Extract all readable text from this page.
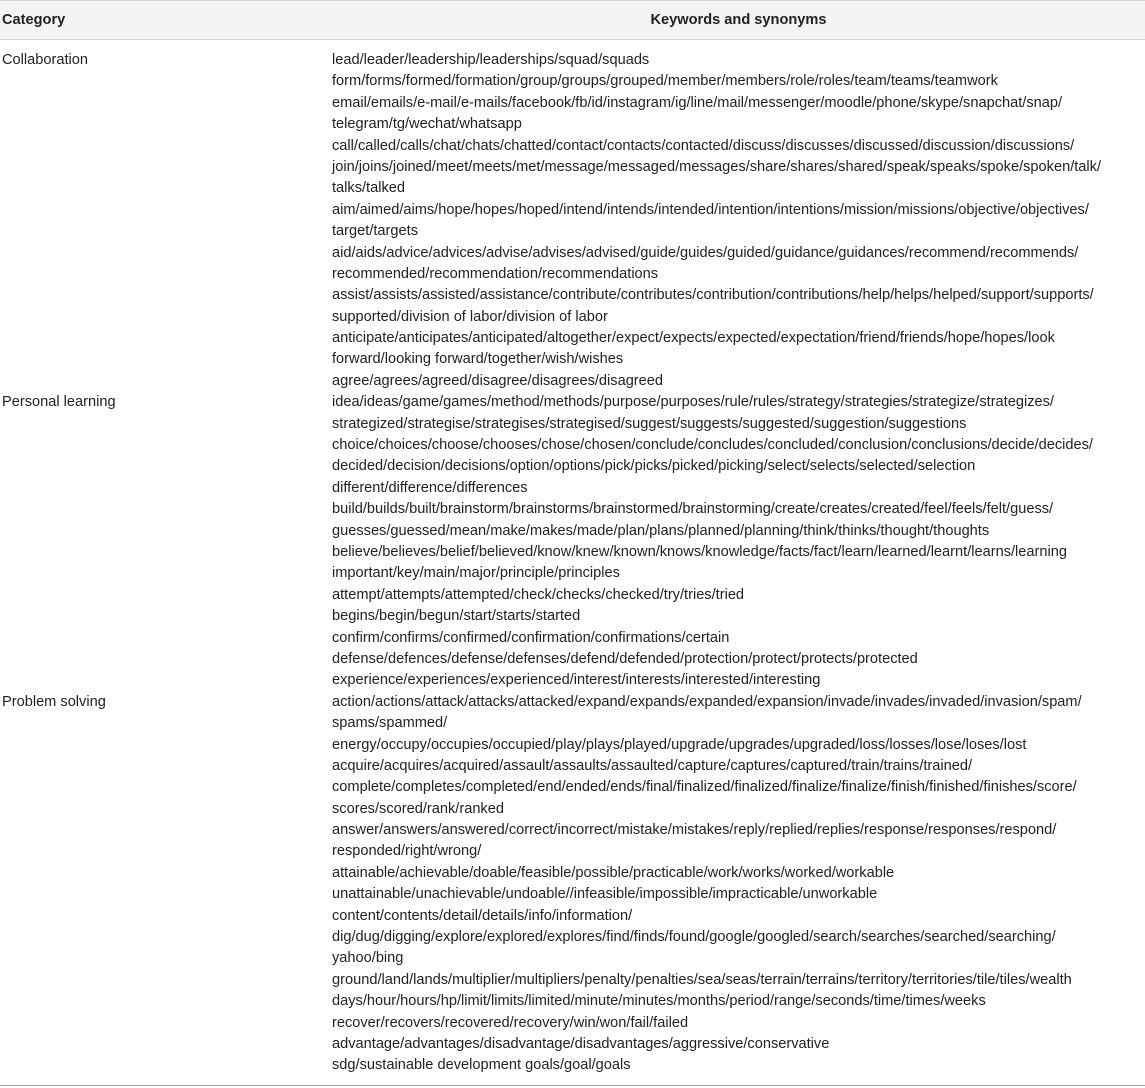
Category	Keywords and synonyms
Collaboration	lead/leader/leadership/leaderships/squad/squads
form/forms/formed/formation/group/groups/grouped/member/members/role/roles/team/teams/teamwork
email/emails/e-mail/e-mails/facebook/fb/id/instagram/ig/line/mail/messenger/moodle/phone/skype/snapchat/snap/
telegram/tg/wechat/whatsapp
call/called/calls/chat/chats/chatted/contact/contacts/contacted/discuss/discusses/discussed/discussion/discussions/
join/joins/joined/meet/meets/met/message/messaged/messages/share/shares/shared/speak/speaks/spoke/spoken/talk/
talks/talked
aim/aimed/aims/hope/hopes/hoped/intend/intends/intended/intention/intentions/mission/missions/objective/objectives/
target/targets
aid/aids/advice/advices/advise/advises/advised/guide/guides/guided/guidance/guidances/recommend/recommends/
recommended/recommendation/recommendations
assist/assists/assisted/assistance/contribute/contributes/contribution/contributions/help/helps/helped/support/supports/
supported/division of labor/division of labor
anticipate/anticipates/anticipated/altogether/expect/expects/expected/expectation/friend/friends/hope/hopes/look
forward/looking forward/together/wish/wishes
agree/agrees/agreed/disagree/disagrees/disagreed
Personal learning	idea/ideas/game/games/method/methods/purpose/purposes/rule/rules/strategy/strategies/strategize/strategizes/
strategized/strategise/strategises/strategised/suggest/suggests/suggested/suggestion/suggestions
choice/choices/choose/chooses/chose/chosen/conclude/concludes/concluded/conclusion/conclusions/decide/decides/
decided/decision/decisions/option/options/pick/picks/picked/picking/select/selects/selected/selection
different/difference/differences
build/builds/built/brainstorm/brainstorms/brainstormed/brainstorming/create/creates/created/feel/feels/felt/guess/
guesses/guessed/mean/make/makes/made/plan/plans/planned/planning/think/thinks/thought/thoughts
believe/believes/belief/believed/know/knew/known/knows/knowledge/facts/fact/learn/learned/learnt/learns/learning
important/key/main/major/principle/principles
attempt/attempts/attempted/check/checks/checked/try/tries/tried
begins/begin/begun/start/starts/started
confirm/confirms/confirmed/confirmation/confirmations/certain
defense/defences/defense/defenses/defend/defended/protection/protect/protects/protected
experience/experiences/experienced/interest/interests/interested/interesting
Problem solving	action/actions/attack/attacks/attacked/expand/expands/expanded/expansion/invade/invades/invaded/invasion/spam/
spams/spammed/
energy/occupy/occupies/occupied/play/plays/played/upgrade/upgrades/upgraded/loss/losses/lose/loses/lost
acquire/acquires/acquired/assault/assaults/assaulted/capture/captures/captured/train/trains/trained/
complete/completes/completed/end/ended/ends/final/finalized/finalized/finalize/finalize/finish/finished/finishes/score/
scores/scored/rank/ranked
answer/answers/answered/correct/incorrect/mistake/mistakes/reply/replied/replies/response/responses/respond/
responded/right/wrong/
attainable/achievable/doable/feasible/possible/practicable/work/works/worked/workable
unattainable/unachievable/undoable//infeasible/impossible/impracticable/unworkable
content/contents/detail/details/info/information/
dig/dug/digging/explore/explored/explores/find/finds/found/google/googled/search/searches/searched/searching/
yahoo/bing
ground/land/lands/multiplier/multipliers/penalty/penalties/sea/seas/terrain/terrains/territory/territories/tile/tiles/wealth
days/hour/hours/hp/limit/limits/limited/minute/minutes/months/period/range/seconds/time/times/weeks
recover/recovers/recovered/recovery/win/won/fail/failed
advantage/advantages/disadvantage/disadvantages/aggressive/conservative
sdg/sustainable development goals/goal/goals
